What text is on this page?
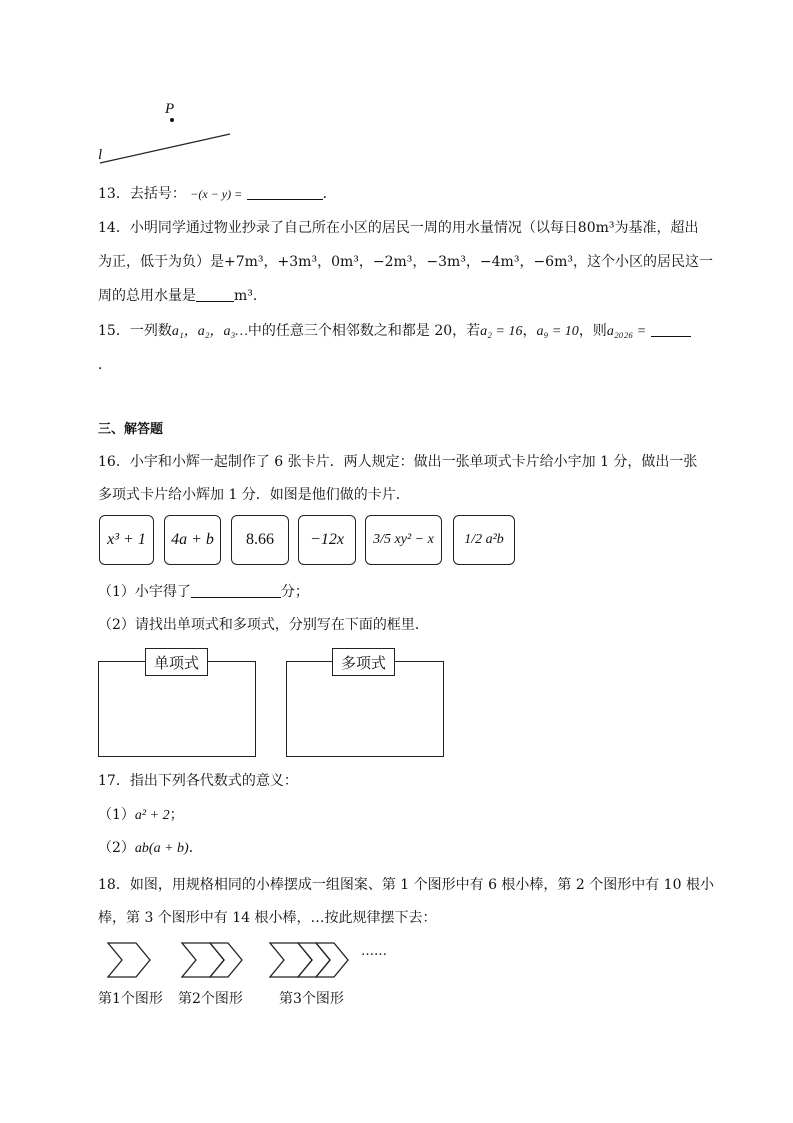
P
l
13．去括号： −(x − y) =	．
14．小明同学通过物业抄录了自己所在小区的居民一周的用水量情况（以每日80m³为基准，超出
为正，低于为负）是+7m³，+3m³，0m³，−2m³，−3m³，−4m³，−6m³，这个小区的居民这一
周的总用水量是	m³．
15．一列数a₁，a₂，a₃…中的任意三个相邻数之和都是 20，若a₂ = 16，a₉ = 10，则a₂₀₂₆ =
．
三、解答题
16．小宇和小辉一起制作了 6 张卡片．两人规定：做出一张单项式卡片给小宇加 1 分，做出一张
多项式卡片给小辉加 1 分．如图是他们做的卡片．
x³ + 1 4a + b 8.66 −12x 3/5 xy² − x 1/2 a²b
（1）小宇得了	分；
（2）请找出单项式和多项式，分别写在下面的框里．
单项式	多项式
17．指出下列各代数式的意义：
（1）a² + 2；
（2）ab(a + b)．
18．如图，用规格相同的小棒摆成一组图案、第 1 个图形中有 6 根小棒，第 2 个图形中有 10 根小
棒，第 3 个图形中有 14 根小棒，…按此规律摆下去：
……
第1个图形 第2个图形	第3个图形
